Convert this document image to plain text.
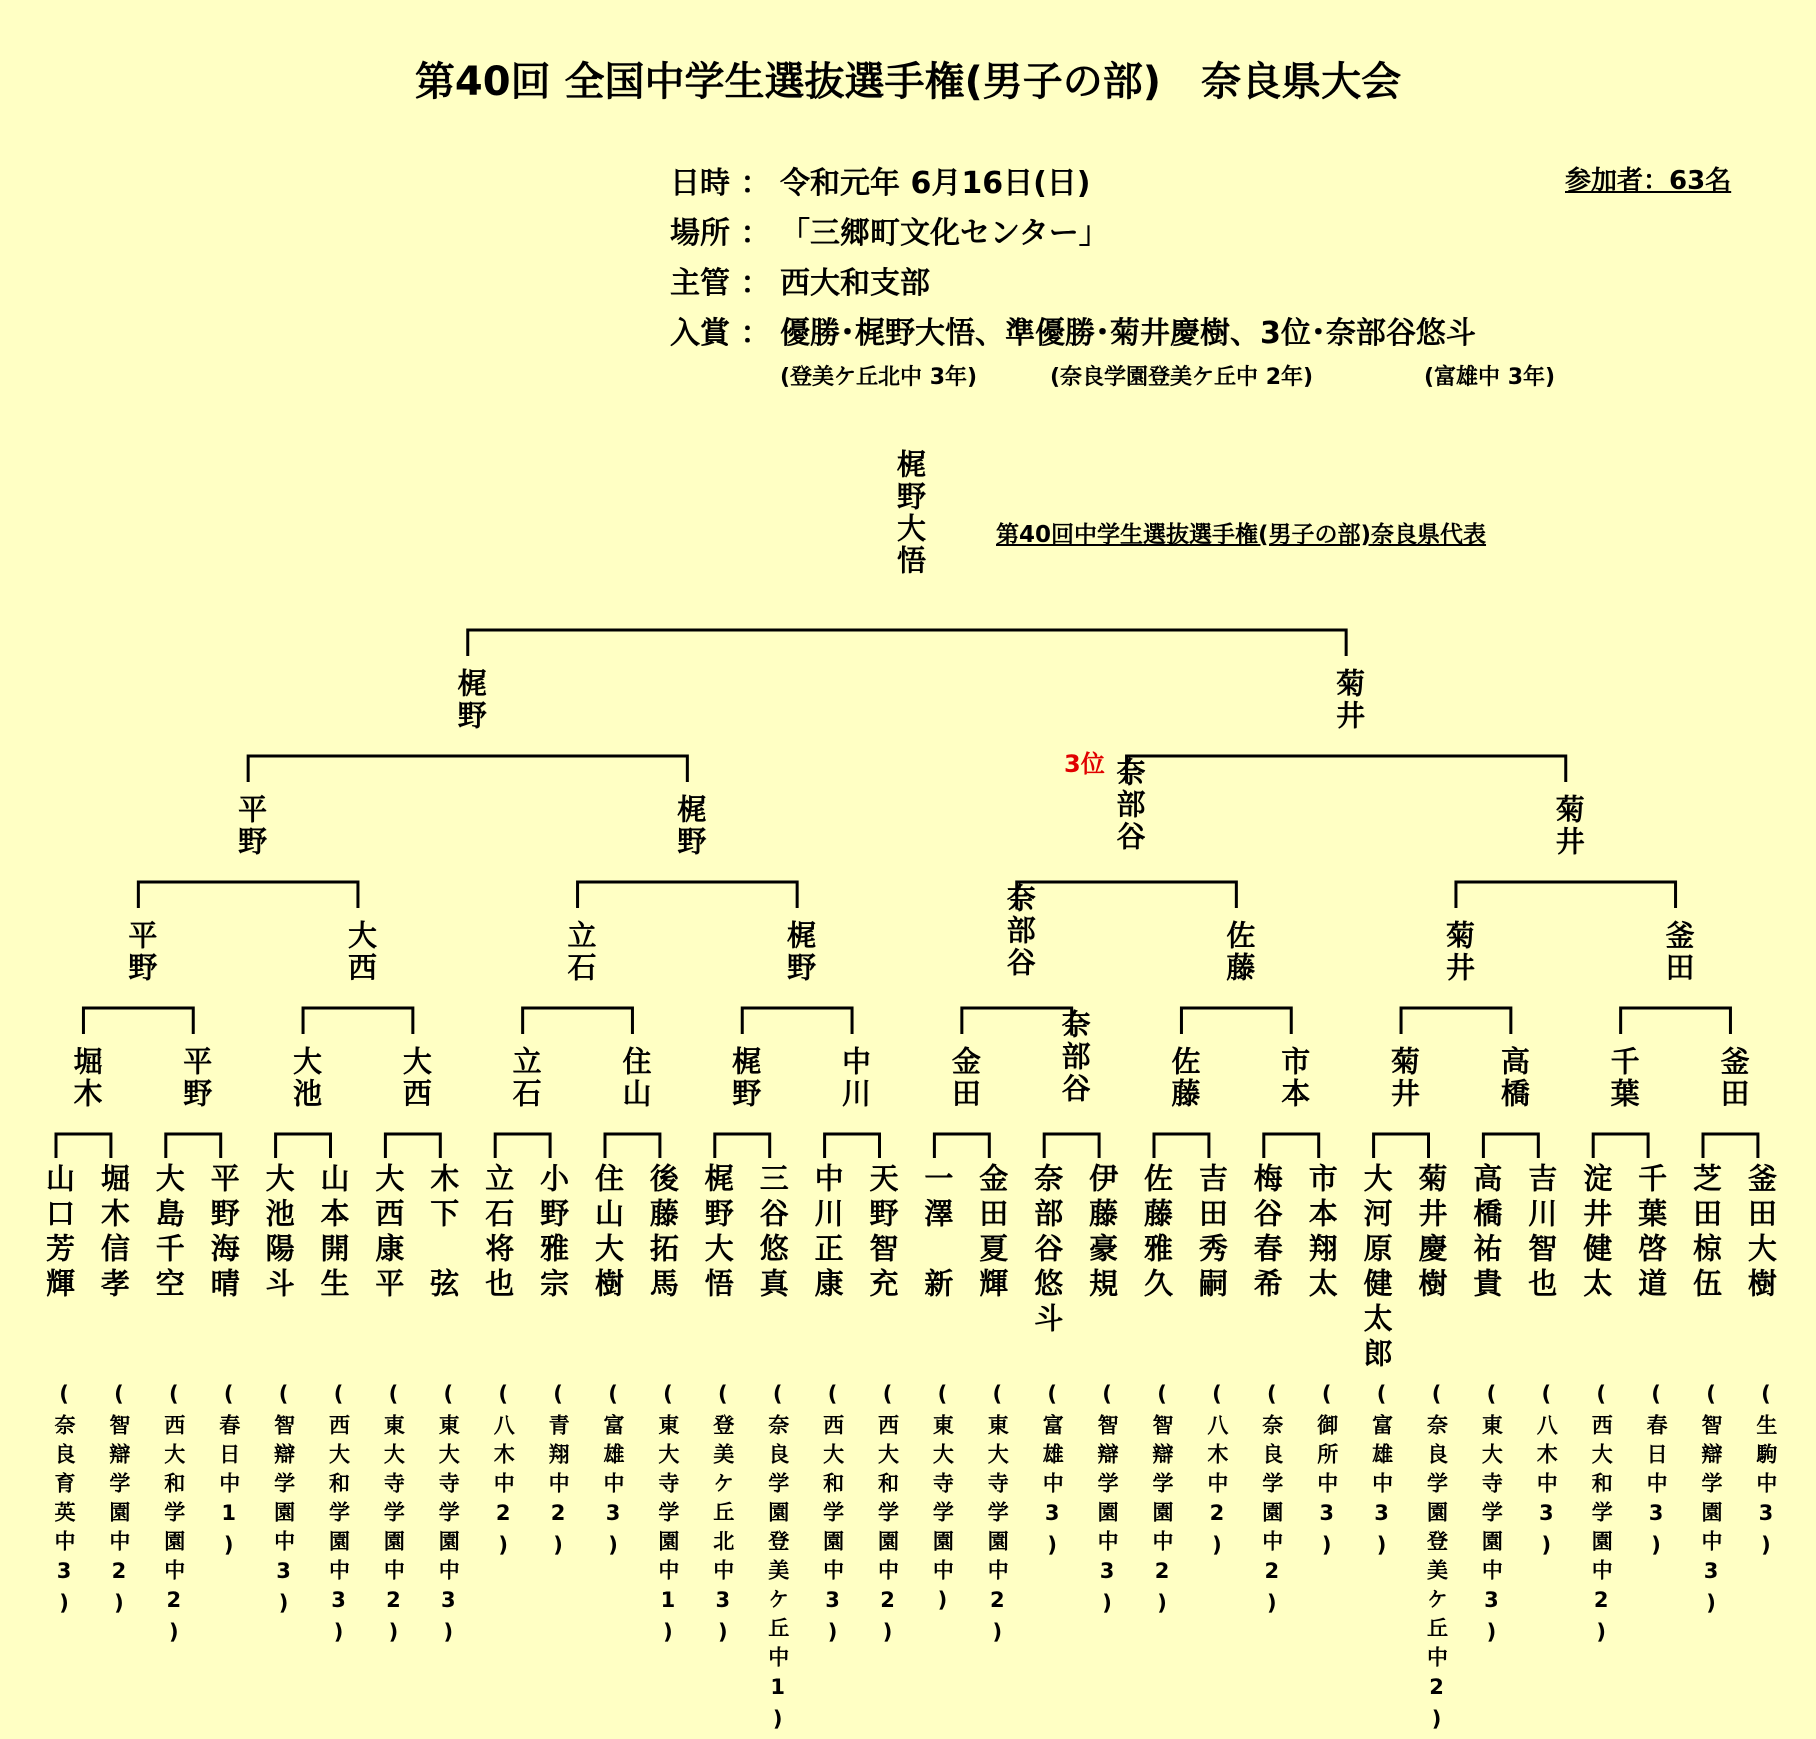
第40回 全国中学生選抜選手権(男子の部)　奈良県大会
日時 ： 令和元年 6月16日(日)
場所 ： 「三郷町文化センター」
主管 ： 西大和支部
入賞 ： 優勝･梶野大悟、準優勝･菊井慶樹、3位･奈部谷悠斗
(登美ケ丘北中 3年)	(奈良学園登美ケ丘中 2年)	(富雄中 3年)
参加者：63名
第40回中学生選抜選手権(男子の部)奈良県代表
3位
山口芳輝
(奈良育英中3)
堀木信孝
(智辯学園中2)
大島千空
(西大和学園中2)
平野海晴
(春日中1)
大池陽斗
(智辯学園中3)
山本開生
(西大和学園中3)
大西康平
(東大寺学園中2)
木下　弦
(東大寺学園中3)
立石将也
(八木中2)
小野雅宗
(青翔中2)
住山大樹
(富雄中3)
後藤拓馬
(東大寺学園中1)
梶野大悟
(登美ケ丘北中3)
三谷悠真
(奈良学園登美ケ丘中1)
中川正康
(西大和学園中3)
天野智充
(西大和学園中2)
一澤　新
(東大寺学園中)
金田夏輝
(東大寺学園中2)
奈部谷悠斗
(富雄中3)
伊藤豪規
(智辯学園中3)
佐藤雅久
(智辯学園中2)
吉田秀嗣
(八木中2)
梅谷春希
(奈良学園中2)
市本翔太
(御所中3)
大河原健太郎
(富雄中3)
菊井慶樹
(奈良学園登美ケ丘中2)
高橋祐貴
(東大寺学園中3)
吉川智也
(八木中3)
淀井健太
(西大和学園中2)
千葉啓道
(春日中3)
芝田椋伍
(智辯学園中3)
釜田大樹
(生駒中3)
堀木	平野	大池	大西	立石	住山	梶野	中川	金田	奈部谷	佐藤	市本	菊井	高橋	千葉	釜田
平野	大西	立石	梶野	奈部谷	佐藤	菊井	釜田
平野	梶野	奈部谷	菊井
梶野	菊井
梶野大悟
